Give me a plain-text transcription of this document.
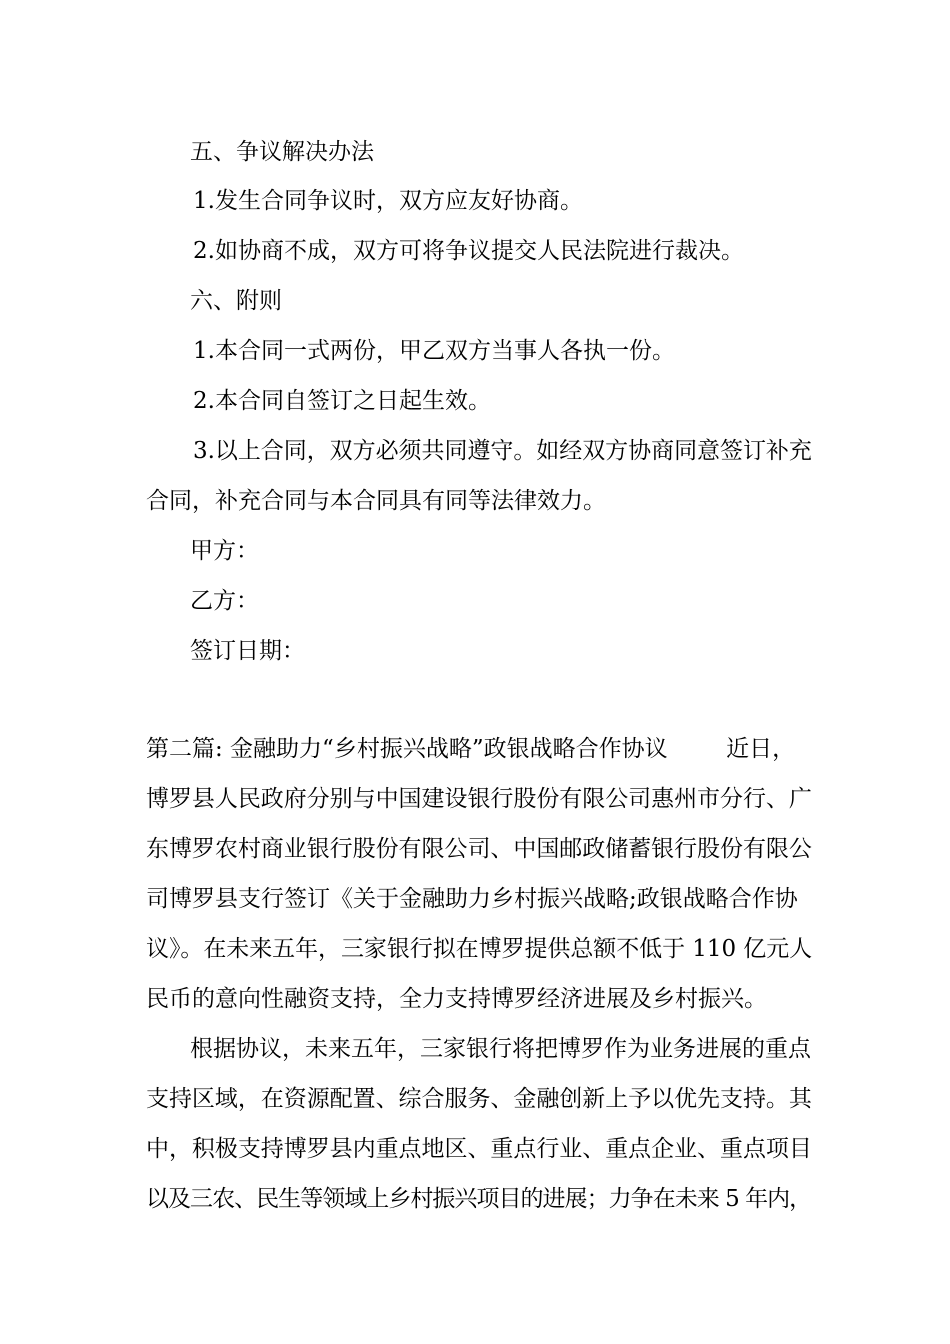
五、争议解决办法
1.发生合同争议时，双方应友好协商。
2.如协商不成，双方可将争议提交人民法院进行裁决。
六、附则
1.本合同一式两份，甲乙双方当事人各执一份。
2.本合同自签订之日起生效。
3.以上合同，双方必须共同遵守。如经双方协商同意签订补充
合同，补充合同与本合同具有同等法律效力。
甲方：
乙方：
签订日期：
第二篇: 金融助力“乡村振兴战略”政银战略合作协议        近日，
博罗县人民政府分别与中国建设银行股份有限公司惠州市分行、广
东博罗农村商业银行股份有限公司、中国邮政储蓄银行股份有限公
司博罗县支行签订《关于金融助力乡村振兴战略;政银战略合作协
议》。在未来五年，三家银行拟在博罗提供总额不低于 110 亿元人
民币的意向性融资支持，全力支持博罗经济进展及乡村振兴。
根据协议，未来五年，三家银行将把博罗作为业务进展的重点
支持区域，在资源配置、综合服务、金融创新上予以优先支持。其
中，积极支持博罗县内重点地区、重点行业、重点企业、重点项目
以及三农、民生等领域上乡村振兴项目的进展；力争在未来 5 年内，
